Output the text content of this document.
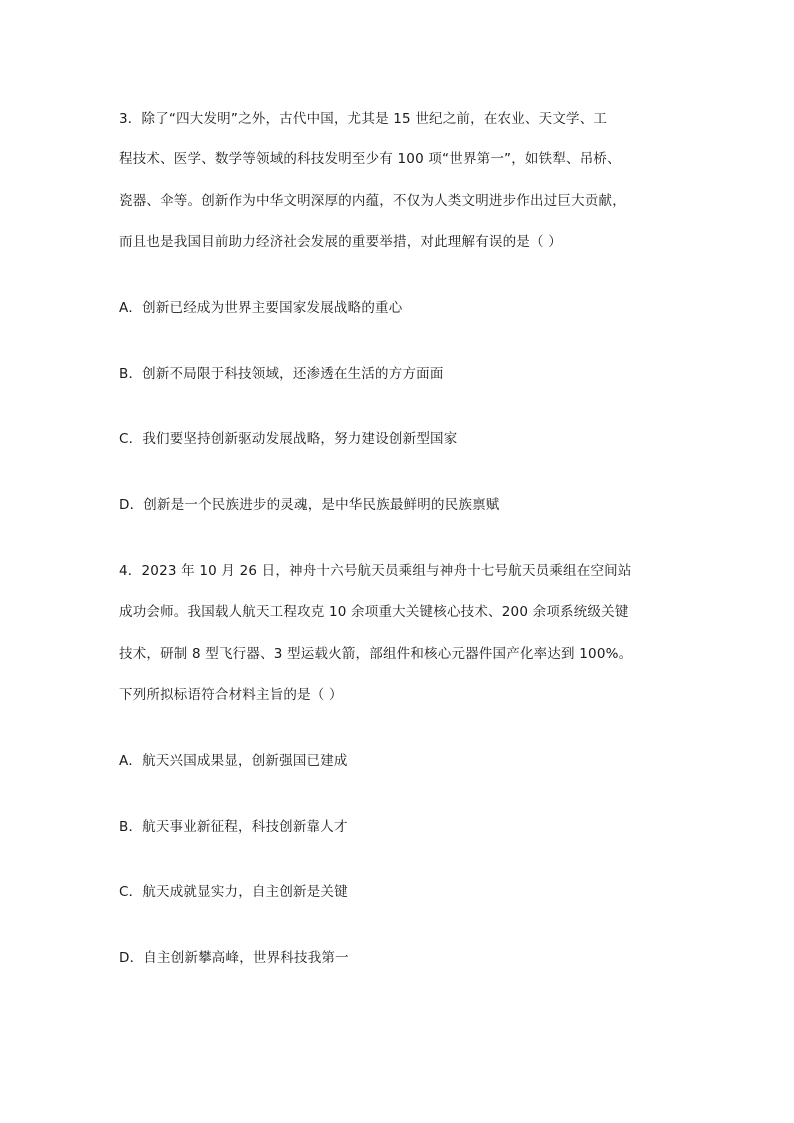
3．除了“四大发明”之外，古代中国，尤其是 15 世纪之前，在农业、天文学、工
程技术、医学、数学等领域的科技发明至少有 100 项“世界第一”，如铁犁、吊桥、
瓷器、伞等。创新作为中华文明深厚的内蕴，不仅为人类文明进步作出过巨大贡献，
而且也是我国目前助力经济社会发展的重要举措，对此理解有误的是（ ）
A．创新已经成为世界主要国家发展战略的重心
B．创新不局限于科技领域，还渗透在生活的方方面面
C．我们要坚持创新驱动发展战略，努力建设创新型国家
D．创新是一个民族进步的灵魂，是中华民族最鲜明的民族禀赋
4．2023 年 10 月 26 日，神舟十六号航天员乘组与神舟十七号航天员乘组在空间站
成功会师。我国载人航天工程攻克 10 余项重大关键核心技术、200 余项系统级关键
技术，研制 8 型飞行器、3 型运载火箭，部组件和核心元器件国产化率达到 100%。
下列所拟标语符合材料主旨的是（ ）
A．航天兴国成果显，创新强国已建成
B．航天事业新征程，科技创新靠人才
C．航天成就显实力，自主创新是关键
D．自主创新攀高峰，世界科技我第一
